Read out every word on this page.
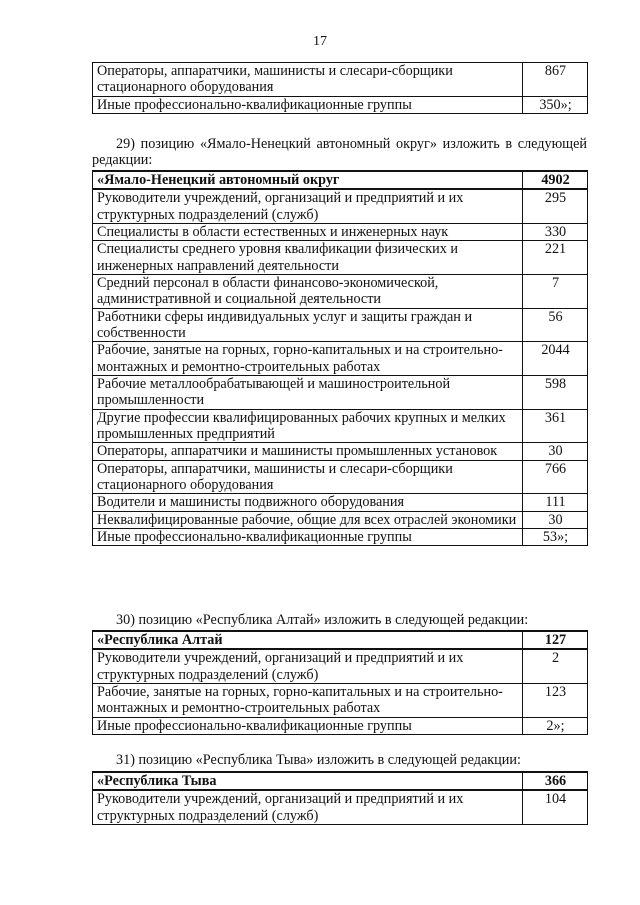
17
Операторы, аппаратчики, машинисты и слесари-сборщики стационарного оборудования	867
Иные профессионально-квалификационные группы	350»;
29) позицию «Ямало-Ненецкий автономный округ» изложить в следующей редакции:
«Ямало-Ненецкий автономный округ	4902
Руководители учреждений, организаций и предприятий и их структурных подразделений (служб)	295
Специалисты в области естественных и инженерных наук	330
Специалисты среднего уровня квалификации физических и инженерных направлений деятельности	221
Средний персонал в области финансово-экономической, административной и социальной деятельности	7
Работники сферы индивидуальных услуг и защиты граждан и собственности	56
Рабочие, занятые на горных, горно-капитальных и на строительно-монтажных и ремонтно-строительных работах	2044
Рабочие металлообрабатывающей и машиностроительной промышленности	598
Другие профессии квалифицированных рабочих крупных и мелких промышленных предприятий	361
Операторы, аппаратчики и машинисты промышленных установок	30
Операторы, аппаратчики, машинисты и слесари-сборщики стационарного оборудования	766
Водители и машинисты подвижного оборудования	111
Неквалифицированные рабочие, общие для всех отраслей экономики	30
Иные профессионально-квалификационные группы	53»;
30) позицию «Республика Алтай» изложить в следующей редакции:
«Республика Алтай	127
Руководители учреждений, организаций и предприятий и их структурных подразделений (служб)	2
Рабочие, занятые на горных, горно-капитальных и на строительно-монтажных и ремонтно-строительных работах	123
Иные профессионально-квалификационные группы	2»;
31) позицию «Республика Тыва» изложить в следующей редакции:
«Республика Тыва	366
Руководители учреждений, организаций и предприятий и их структурных подразделений (служб)	104
